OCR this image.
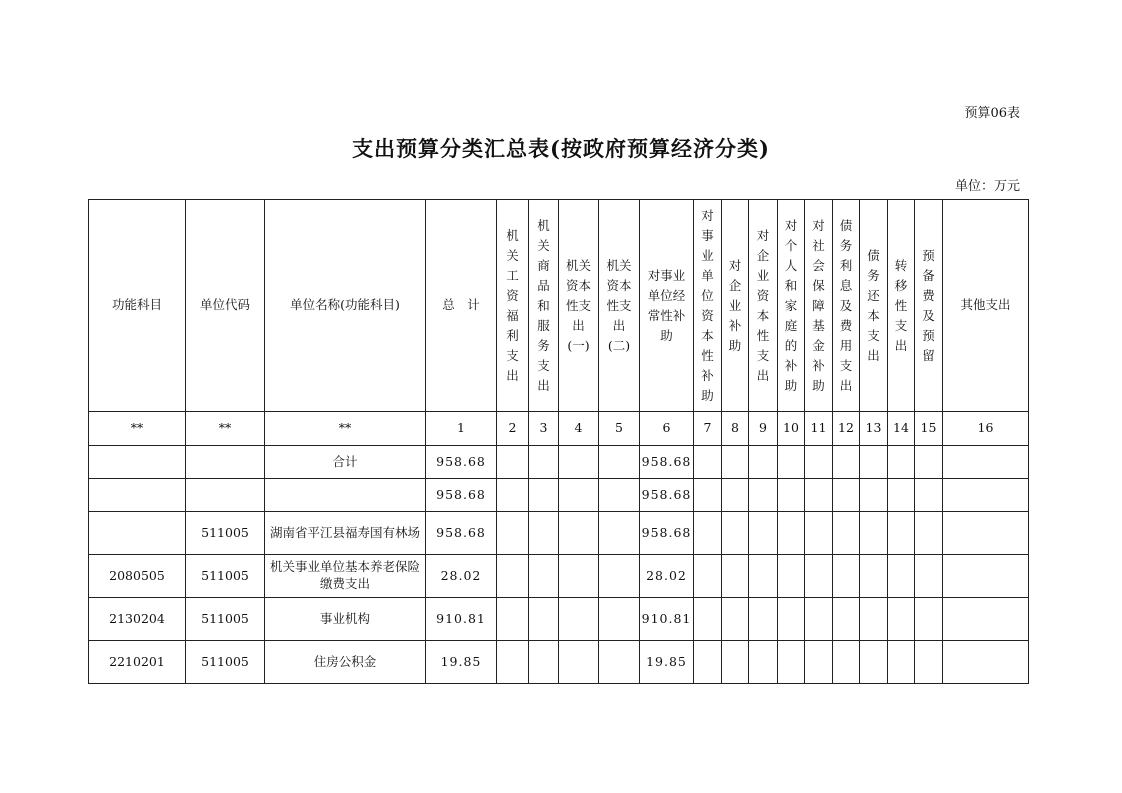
预算06表
支出预算分类汇总表(按政府预算经济分类)
单位：万元
功能科目	单位代码	单位名称(功能科目)	总　计	机关工资福利支出	机关商品和服务支出	机关资本性支出(一)	机关资本性支出(二)	对事业单位经常性补助	对事业单位资本性补助	对企业补助	对企业资本性支出	对个人和家庭的补助	对社会保障基金补助	债务利息及费用支出	债务还本支出	转移性支出	预备费及预留	其他支出
**	**	**	1	2	3	4	5	6	7	8	9	10	11	12	13	14	15	16
		合计	958.68					958.68										
			958.68					958.68										
	511005	湖南省平江县福寿国有林场	958.68					958.68										
2080505	511005	机关事业单位基本养老保险缴费支出	28.02					28.02										
2130204	511005	事业机构	910.81					910.81										
2210201	511005	住房公积金	19.85					19.85										
